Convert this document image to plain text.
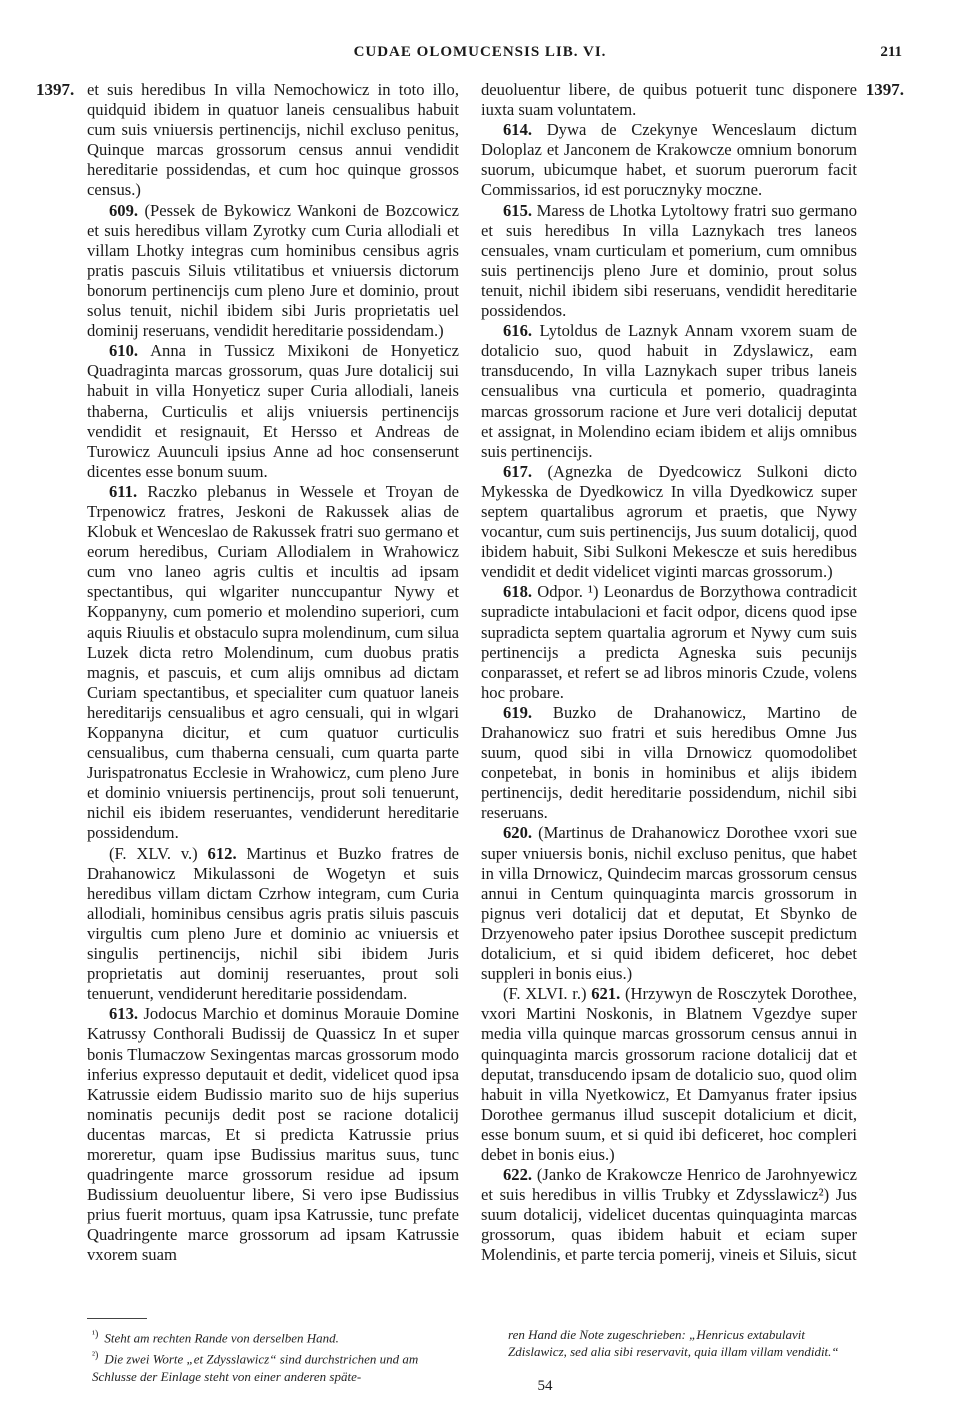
CUDAE OLOMUCENSIS LIB. VI.	211
1397.	1397.

et suis heredibus In villa Nemochowicz in toto illo, quidquid ibidem in quatuor laneis censualibus habuit cum suis vniuersis pertinencijs, nichil excluso penitus, Quinque marcas grossorum census annui vendidit hereditarie possidendas, et cum hoc quinque grossos census.)

609. (Pessek de Bykowicz Wankoni de Bozcowicz et suis heredibus villam Zyrotky cum Curia allodiali et villam Lhotky integras cum hominibus censibus agris pratis pascuis Siluis vtilitatibus et vniuersis dictorum bonorum pertinencijs cum pleno Jure et dominio, prout solus tenuit, nichil ibidem sibi Juris proprietatis uel dominij reseruans, vendidit hereditarie possidendam.)

610. Anna in Tussicz Mixikoni de Honyeticz Quadraginta marcas grossorum, quas Jure dotalicij sui habuit in villa Honyeticz super Curia allodiali, laneis thaberna, Curticulis et alijs vniuersis pertinencijs vendidit et resignauit, Et Hersso et Andreas de Turowicz Auunculi ipsius Anne ad hoc consenserunt dicentes esse bonum suum.

611. Raczko plebanus in Wessele et Troyan de Trpenowicz fratres, Jeskoni de Rakussek alias de Klobuk et Wenceslao de Rakussek fratri suo germano et eorum heredibus, Curiam Allodialem in Wrahowicz cum vno laneo agris cultis et incultis ad ipsam spectantibus, qui wlgariter nunccupantur Nywy et Koppanyny, cum pomerio et molendino superiori, cum aquis Riuulis et obstaculo supra molendinum, cum silua Luzek dicta retro Molendinum, cum duobus pratis magnis, et pascuis, et cum alijs omnibus ad dictam Curiam spectantibus, et specialiter cum quatuor laneis hereditarijs censualibus et agro censuali, qui in wlgari Koppanyna dicitur, et cum quatuor curticulis censualibus, cum thaberna censuali, cum quarta parte Jurispatronatus Ecclesie in Wrahowicz, cum pleno Jure et dominio vniuersis pertinencijs, prout soli tenuerunt, nichil eis ibidem reseruantes, vendiderunt hereditarie possidendum.

(F. XLV. v.) 612. Martinus et Buzko fratres de Drahanowicz Mikulassoni de Wogetyn et suis heredibus villam dictam Czrhow integram, cum Curia allodiali, hominibus censibus agris pratis siluis pascuis virgultis cum pleno Jure et dominio ac vniuersis et singulis pertinencijs, nichil sibi ibidem Juris proprietatis aut dominij reseruantes, prout soli tenuerunt, vendiderunt hereditarie possidendam.

613. Jodocus Marchio et dominus Morauie Domine Katrussy Conthorali Budissij de Quassicz In et super bonis Tlumaczow Sexingentas marcas grossorum modo inferius expresso deputauit et dedit, videlicet quod ipsa Katrussie eidem Budissio marito suo de hijs superius nominatis pecunijs dedit post se racione dotalicij ducentas marcas, Et si predicta Katrussie prius moreretur, quam ipse Budissius maritus suus, tunc quadringente marce grossorum residue ad ipsum Budissium deuoluentur libere, Si vero ipse Budissius prius fuerit mortuus, quam ipsa Katrussie, tunc prefate Quadringente marce grossorum ad ipsam Katrussie vxorem suam

deuoluentur libere, de quibus potuerit tunc disponere iuxta suam voluntatem.

614. Dywa de Czekynye Wenceslaum dictum Doloplaz et Janconem de Krakowcze omnium bonorum suorum, ubicumque habet, et suorum puerorum facit Commissarios, id est porucznyky moczne.

615. Maress de Lhotka Lytoltowy fratri suo germano et suis heredibus In villa Laznykach tres laneos censuales, vnam curticulam et pomerium, cum omnibus suis pertinencijs pleno Jure et dominio, prout solus tenuit, nichil ibidem sibi reseruans, vendidit hereditarie possidendos.

616. Lytoldus de Laznyk Annam vxorem suam de dotalicio suo, quod habuit in Zdyslawicz, eam transducendo, In villa Laznykach super tribus laneis censualibus vna curticula et pomerio, quadraginta marcas grossorum racione et Jure veri dotalicij deputat et assignat, in Molendino eciam ibidem et alijs omnibus suis pertinencijs.

617. (Agnezka de Dyedcowicz Sulkoni dicto Mykesska de Dyedkowicz In villa Dyedkowicz super septem quartalibus agrorum et praetis, que Nywy vocantur, cum suis pertinencijs, Jus suum dotalicij, quod ibidem habuit, Sibi Sulkoni Mekescze et suis heredibus vendidit et dedit videlicet viginti marcas grossorum.)

618. Odpor. ¹) Leonardus de Borzythowa contradicit supradicte intabulacioni et facit odpor, dicens quod ipse supradicta septem quartalia agrorum et Nywy cum suis pertinencijs a predicta Agneska suis pecunijs conparasset, et refert se ad libros minoris Czude, volens hoc probare.

619. Buzko de Drahanowicz, Martino de Drahanowicz suo fratri et suis heredibus Omne Jus suum, quod sibi in villa Drnowicz quomodolibet conpetebat, in bonis in hominibus et alijs ibidem pertinencijs, dedit hereditarie possidendum, nichil sibi reseruans.

620. (Martinus de Drahanowicz Dorothee vxori sue super vniuersis bonis, nichil excluso penitus, que habet in villa Drnowicz, Quindecim marcas grossorum census annui in Centum quinquaginta marcis grossorum in pignus veri dotalicij dat et deputat, Et Sbynko de Drzyenoweho pater ipsius Dorothee suscepit predictum dotalicium, et si quid ibidem deficeret, hoc debet suppleri in bonis eius.)

(F. XLVI. r.) 621. (Hrzywyn de Rosczytek Dorothee, vxori Martini Noskonis, in Blatnem Vgezdye super media villa quinque marcas grossorum census annui in quinquaginta marcis grossorum racione dotalicij dat et deputat, transducendo ipsam de dotalicio suo, quod olim habuit in villa Nyetkowicz, Et Damyanus frater ipsius Dorothee germanus illud suscepit dotalicium et dicit, esse bonum suum, et si quid ibi deficeret, hoc compleri debet in bonis eius.)

622. (Janko de Krakowcze Henrico de Jarohnyewicz et suis heredibus in villis Trubky et Zdysslawicz²) Jus suum dotalicij, videlicet ducentas quinquaginta marcas grossorum, quas ibidem habuit et eciam super Molendinis, et parte tercia pomerij, vineis et Siluis, sicut

$^{^1)}$ Steht am rechten Rande von derselben Hand.

$^{^2)}$ Die zwei Worte „et Zdysslawicz“ sind durchstrichen und am Schlusse der Einlage steht von einer anderen späte-

ren Hand die Note zugeschrieben: „Henricus extabulavit Zdislawicz, sed alia sibi reservavit, quia illam villam vendidit.“

54
